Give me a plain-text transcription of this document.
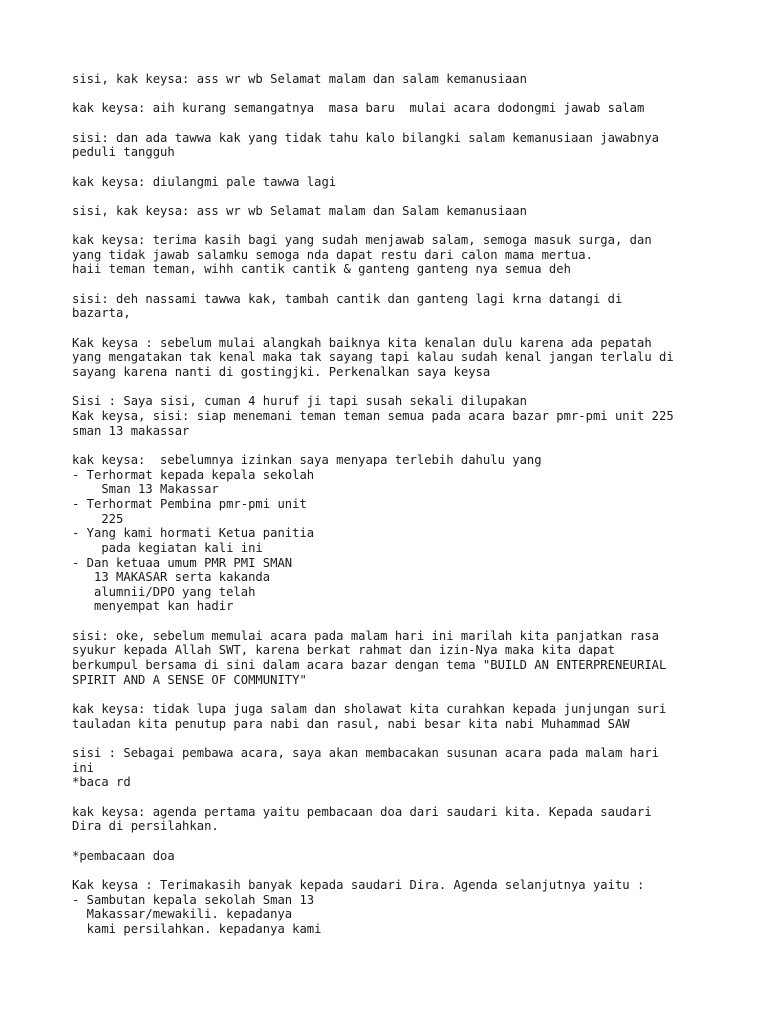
sisi, kak keysa: ass wr wb Selamat malam dan salam kemanusiaan
kak keysa: aih kurang semangatnya  masa baru  mulai acara dodongmi jawab salam
sisi: dan ada tawwa kak yang tidak tahu kalo bilangki salam kemanusiaan jawabnya
peduli tangguh
kak keysa: diulangmi pale tawwa lagi
sisi, kak keysa: ass wr wb Selamat malam dan Salam kemanusiaan
kak keysa: terima kasih bagi yang sudah menjawab salam, semoga masuk surga, dan
yang tidak jawab salamku semoga nda dapat restu dari calon mama mertua.
haii teman teman, wihh cantik cantik & ganteng ganteng nya semua deh
sisi: deh nassami tawwa kak, tambah cantik dan ganteng lagi krna datangi di
bazarta,
Kak keysa : sebelum mulai alangkah baiknya kita kenalan dulu karena ada pepatah
yang mengatakan tak kenal maka tak sayang tapi kalau sudah kenal jangan terlalu di
sayang karena nanti di gostingjki. Perkenalkan saya keysa
Sisi : Saya sisi, cuman 4 huruf ji tapi susah sekali dilupakan
Kak keysa, sisi: siap menemani teman teman semua pada acara bazar pmr-pmi unit 225
sman 13 makassar
kak keysa:  sebelumnya izinkan saya menyapa terlebih dahulu yang
- Terhormat kepada kepala sekolah
Sman 13 Makassar
- Terhormat Pembina pmr-pmi unit
225
- Yang kami hormati Ketua panitia
pada kegiatan kali ini
- Dan ketuaa umum PMR PMI SMAN
13 MAKASAR serta kakanda
alumnii/DPO yang telah
menyempat kan hadir
sisi: oke, sebelum memulai acara pada malam hari ini marilah kita panjatkan rasa
syukur kepada Allah SWT, karena berkat rahmat dan izin-Nya maka kita dapat
berkumpul bersama di sini dalam acara bazar dengan tema "BUILD AN ENTERPRENEURIAL
SPIRIT AND A SENSE OF COMMUNITY"
kak keysa: tidak lupa juga salam dan sholawat kita curahkan kepada junjungan suri
tauladan kita penutup para nabi dan rasul, nabi besar kita nabi Muhammad SAW
sisi : Sebagai pembawa acara, saya akan membacakan susunan acara pada malam hari
ini
*baca rd
kak keysa: agenda pertama yaitu pembacaan doa dari saudari kita. Kepada saudari
Dira di persilahkan.
*pembacaan doa
Kak keysa : Terimakasih banyak kepada saudari Dira. Agenda selanjutnya yaitu :
- Sambutan kepala sekolah Sman 13
Makassar/mewakili. kepadanya
kami persilahkan. kepadanya kami
